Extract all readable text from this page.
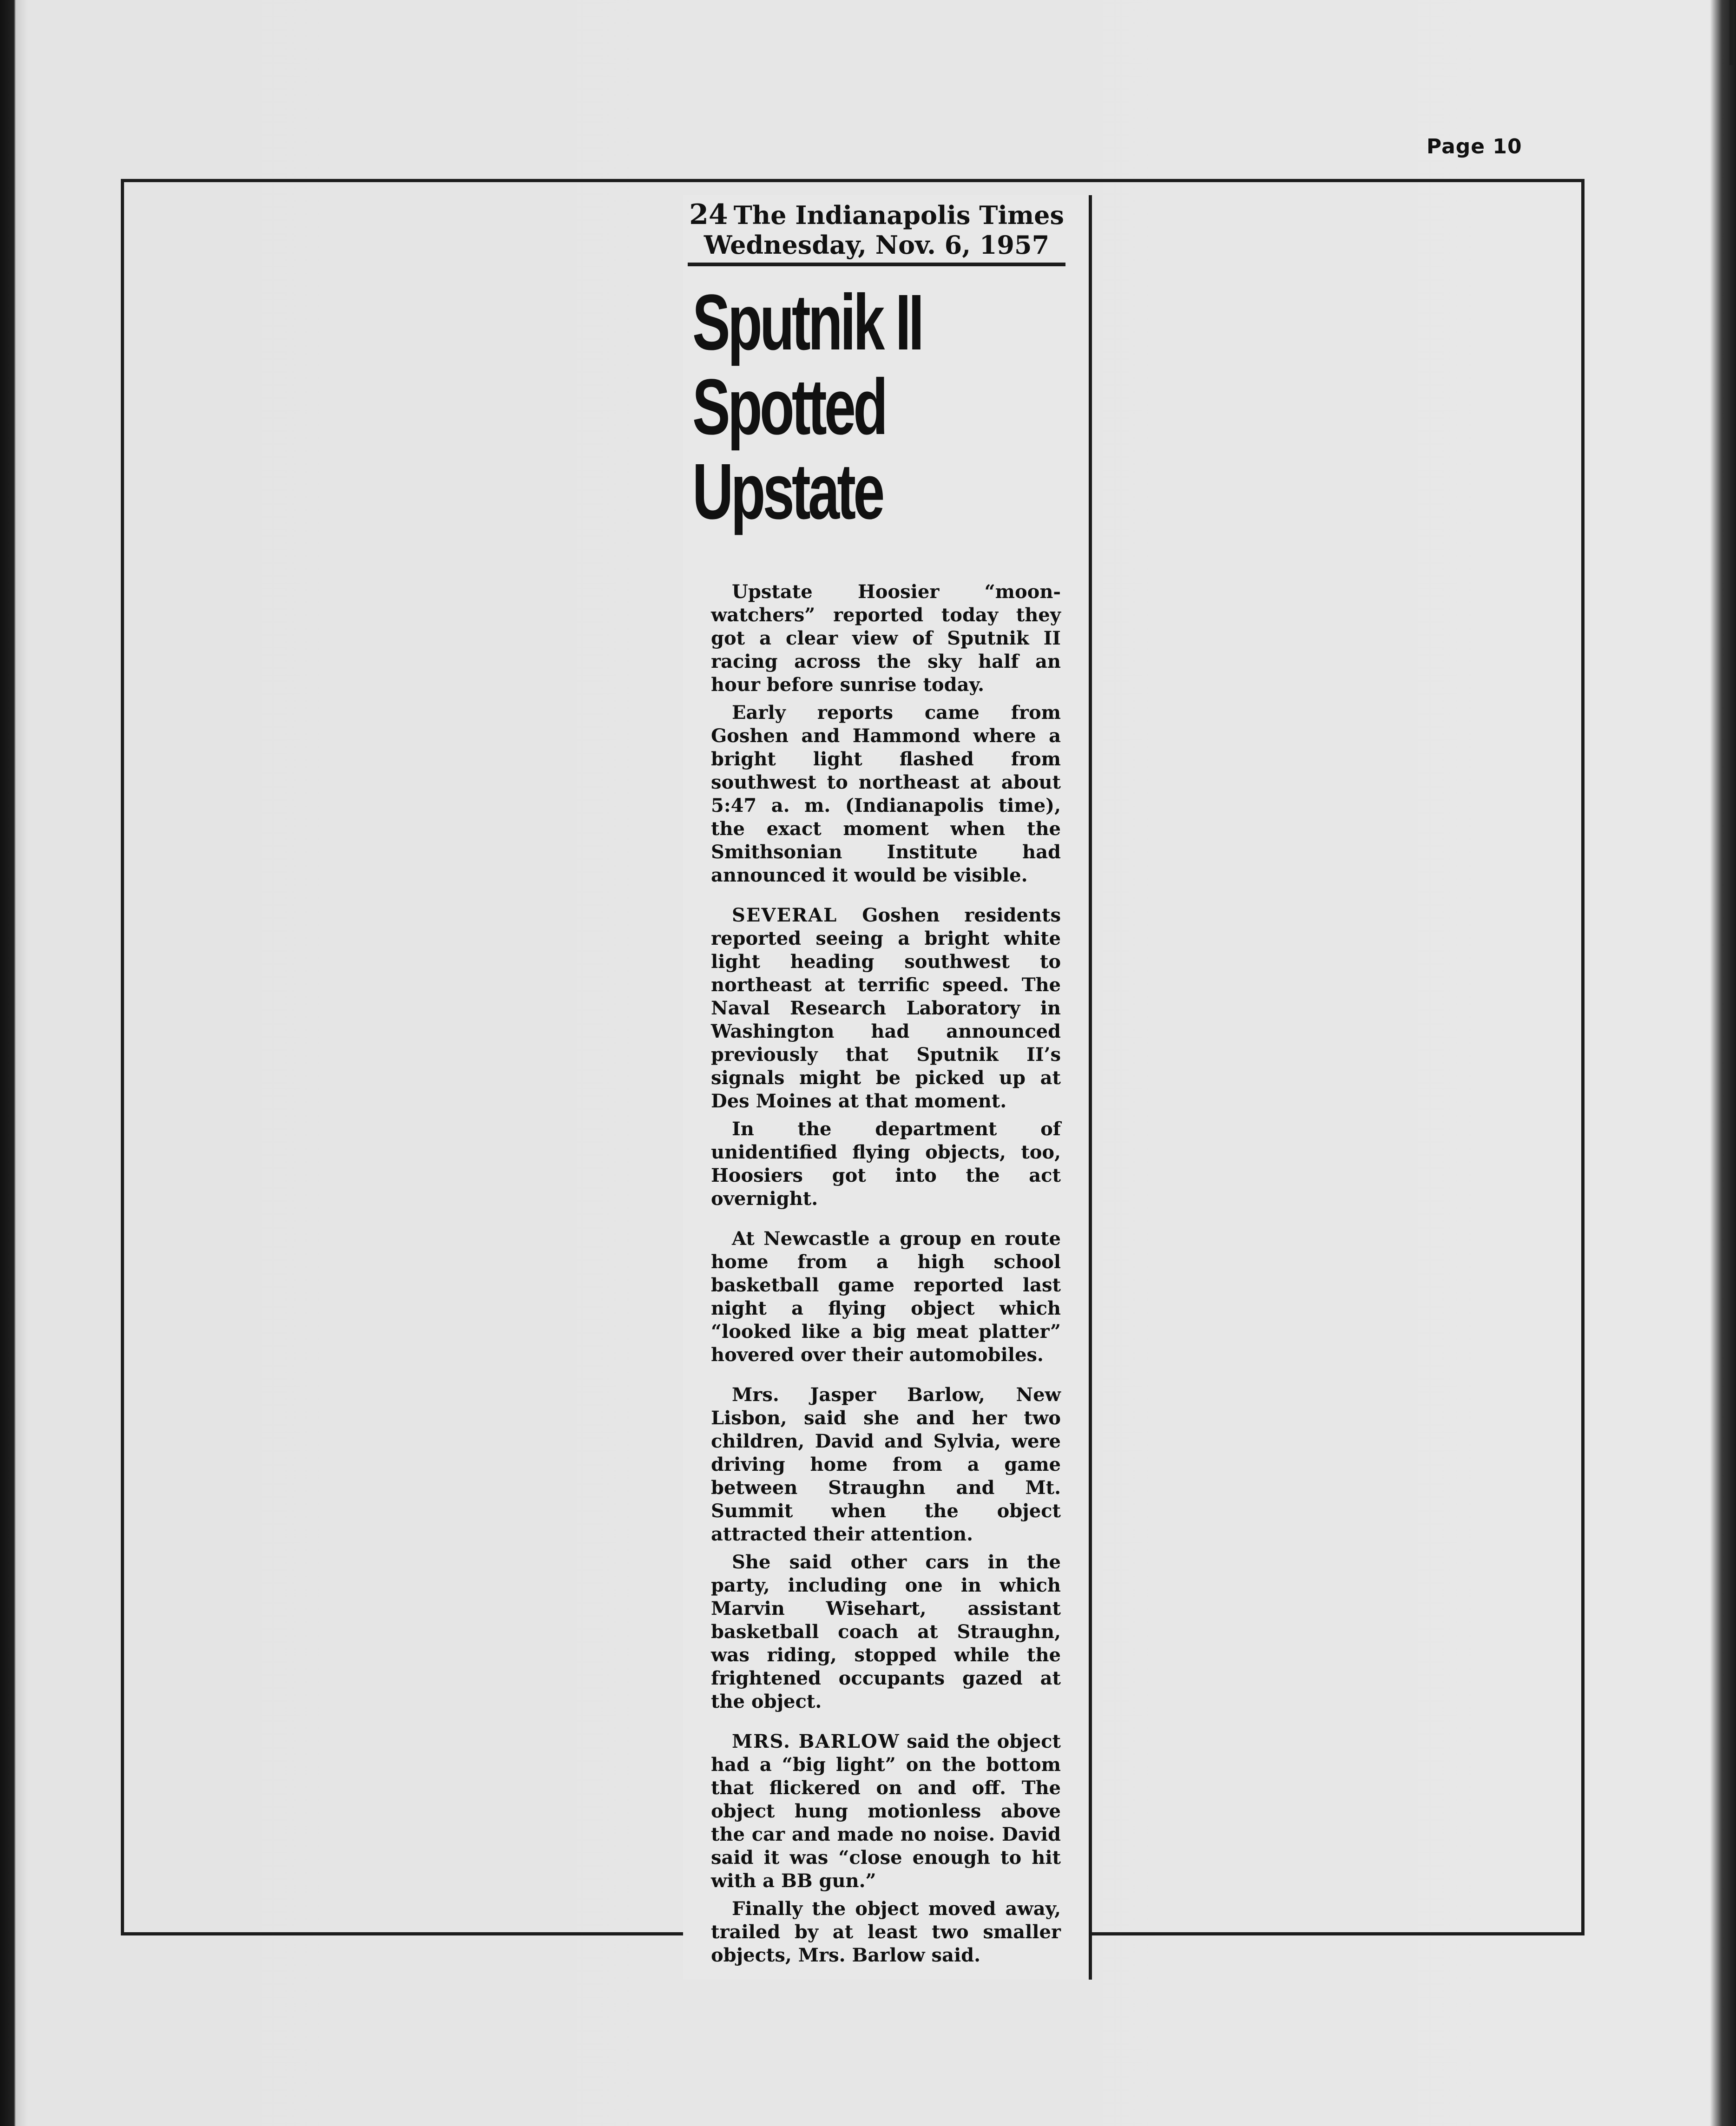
Page 10
24 The Indianapolis Times
Wednesday, Nov. 6, 1957
Sputnik II
Spotted
Upstate

Upstate Hoosier “moon-watchers” reported today they got a clear view of Sputnik II racing across the sky half an hour before sunrise today.

Early reports came from Goshen and Hammond where a bright light flashed from southwest to northeast at about 5:47 a. m. (Indianapolis time), the exact moment when the Smithsonian Institute had announced it would be visible.

SEVERAL Goshen residents reported seeing a bright white light heading southwest to northeast at terrific speed. The Naval Research Laboratory in Washington had announced previously that Sputnik II’s signals might be picked up at Des Moines at that moment.

In the department of unidentified flying objects, too, Hoosiers got into the act overnight.

At Newcastle a group en route home from a high school basketball game reported last night a flying object which “looked like a big meat platter” hovered over their automobiles.

Mrs. Jasper Barlow, New Lisbon, said she and her two children, David and Sylvia, were driving home from a game between Straughn and Mt. Summit when the object attracted their attention.

She said other cars in the party, including one in which Marvin Wisehart, assistant basketball coach at Straughn, was riding, stopped while the frightened occupants gazed at the object.

MRS. BARLOW said the object had a “big light” on the bottom that flickered on and off. The object hung motionless above the car and made no noise. David said it was “close enough to hit with a BB gun.”

Finally the object moved away, trailed by at least two smaller objects, Mrs. Barlow said.
